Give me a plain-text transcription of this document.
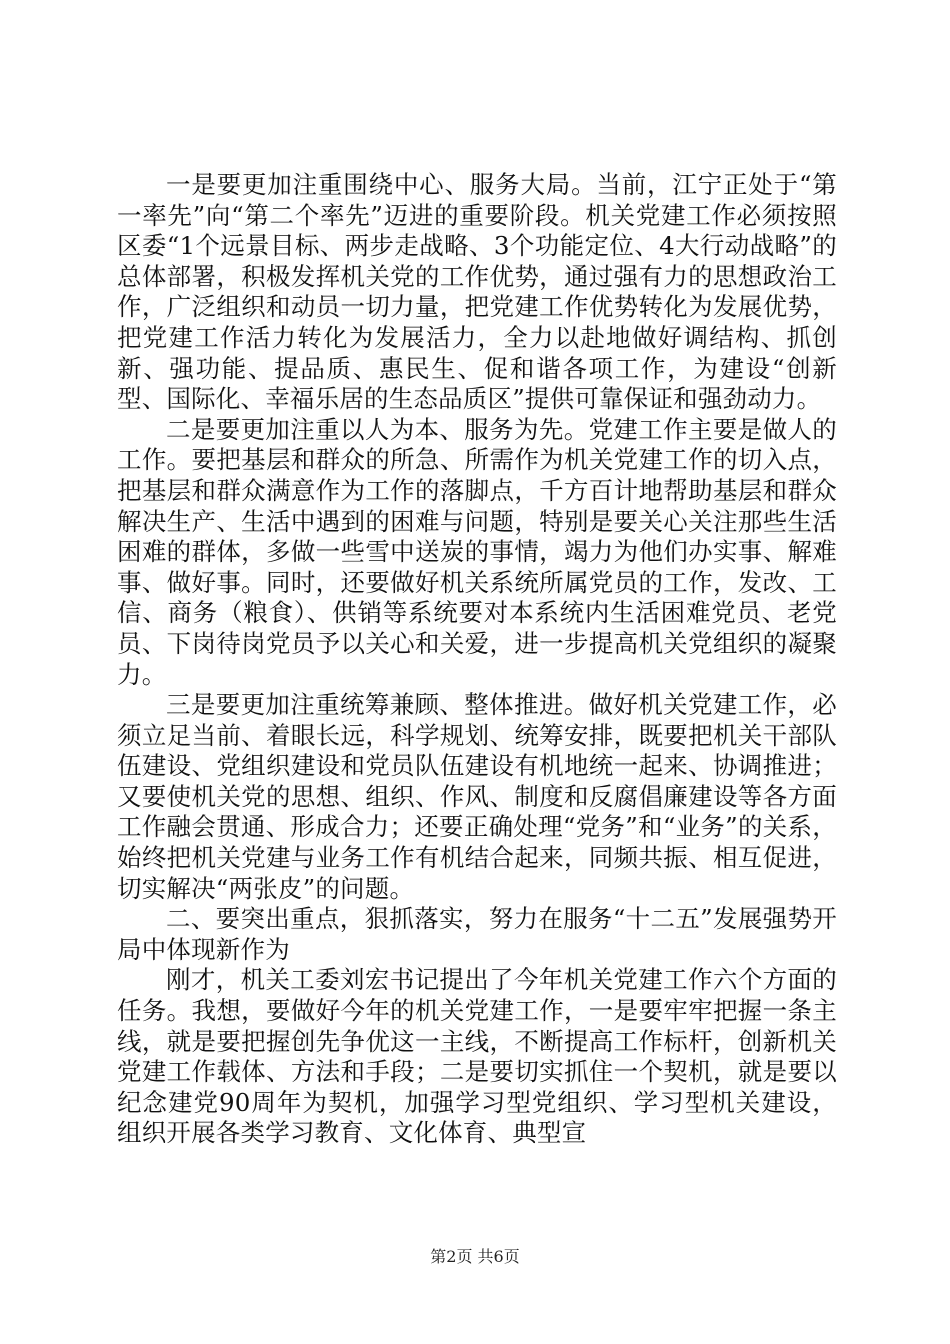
一是要更加注重围绕中心、服务大局。当前，江宁正处于“第一率先”向“第二个率先”迈进的重要阶段。机关党建工作必须按照区委“1个远景目标、两步走战略、3个功能定位、4大行动战略”的总体部署，积极发挥机关党的工作优势，通过强有力的思想政治工作，广泛组织和动员一切力量，把党建工作优势转化为发展优势，把党建工作活力转化为发展活力，全力以赴地做好调结构、抓创新、强功能、提品质、惠民生、促和谐各项工作，为建设“创新型、国际化、幸福乐居的生态品质区”提供可靠保证和强劲动力。

二是要更加注重以人为本、服务为先。党建工作主要是做人的工作。要把基层和群众的所急、所需作为机关党建工作的切入点，把基层和群众满意作为工作的落脚点，千方百计地帮助基层和群众解决生产、生活中遇到的困难与问题，特别是要关心关注那些生活困难的群体，多做一些雪中送炭的事情，竭力为他们办实事、解难事、做好事。同时，还要做好机关系统所属党员的工作，发改、工信、商务（粮食）、供销等系统要对本系统内生活困难党员、老党员、下岗待岗党员予以关心和关爱，进一步提高机关党组织的凝聚力。

三是要更加注重统筹兼顾、整体推进。做好机关党建工作，必须立足当前、着眼长远，科学规划、统筹安排，既要把机关干部队伍建设、党组织建设和党员队伍建设有机地统一起来、协调推进；又要使机关党的思想、组织、作风、制度和反腐倡廉建设等各方面工作融会贯通、形成合力；还要正确处理“党务”和“业务”的关系，始终把机关党建与业务工作有机结合起来，同频共振、相互促进，切实解决“两张皮”的问题。

二、要突出重点，狠抓落实，努力在服务“十二五”发展强势开局中体现新作为

刚才，机关工委刘宏书记提出了今年机关党建工作六个方面的任务。我想，要做好今年的机关党建工作，一是要牢牢把握一条主线，就是要把握创先争优这一主线，不断提高工作标杆，创新机关党建工作载体、方法和手段；二是要切实抓住一个契机，就是要以纪念建党90周年为契机，加强学习型党组织、学习型机关建设，组织开展各类学习教育、文化体育、典型宣

第2页 共6页
